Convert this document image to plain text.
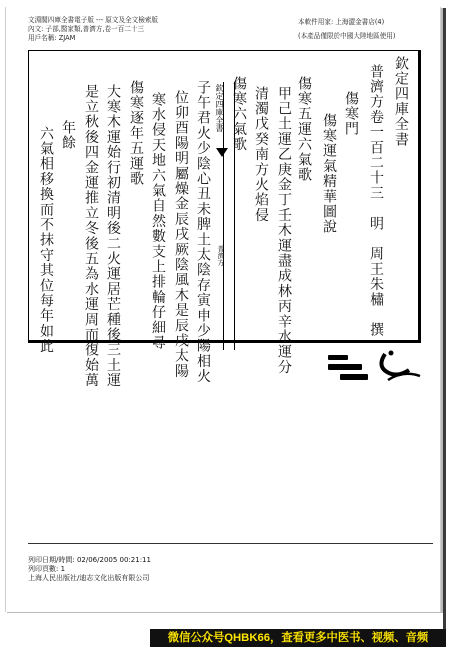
文淵閣四庫全書電子版 --- 原文及全文檢索版
內文: 子部,醫家類,普濟方,卷一百二十三
用戶名稱: ZJAM
本軟件用家: 上海澀金書店(4)
(本產品僅限於中國大陸地區使用)
欽定四庫全書
普濟方卷一百二十三　明　周王朱橚　撰
傷寒門
傷寒運氣精華圖說
傷寒五運六氣歌
甲己土運乙庚金丁壬木運盡成林丙辛水運分
清濁戊癸南方火焰侵
傷寒六氣歌
欽定四庫全書
普濟方
子午君火少陰心丑未脾土太陰存寅申少陽相火
位卯酉陽明屬燥金辰戌厥陰風木是辰戌太陽
寒水侵天地六氣自然數支上排輪仔細尋
傷寒逐年五運歌
大寒木運始行初清明後二火運居芒種後三土運
是立秋後四金運推立冬後五為水運周而復始萬
年餘
六氣相移換而不抹守其位每年如此
列印日期/時間: 02/06/2005 00:21:11
列印頁數: 1
上海人民出版社/迪志文化出版有限公司
微信公众号QHBK66，查看更多中医书、视频、音频
